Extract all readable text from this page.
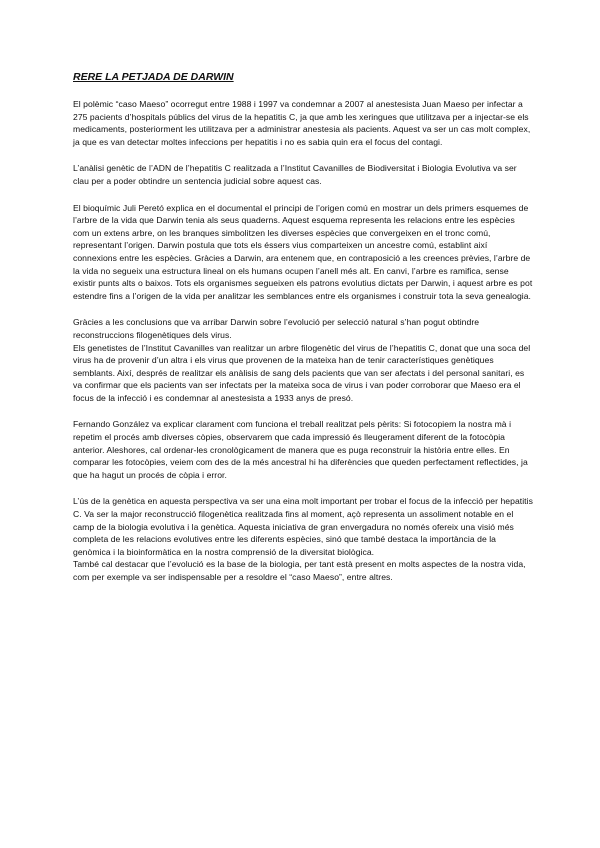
RERE LA PETJADA DE DARWIN

El polèmic “caso Maeso” ocorregut entre 1988 i 1997 va condemnar a 2007 al anestesista Juan Maeso per infectar a 275 pacients d’hospitals públics del virus de la hepatitis C, ja que amb les xeringues que utilitzava per a injectar-se els medicaments, posteriorment les utilitzava per a administrar anestesia als pacients. Aquest va ser un cas molt complex, ja que es van detectar moltes infeccions per hepatitis i no es sabia quin era el focus del contagi.

L’anàlisi genètic de l’ADN de l’hepatitis C realitzada a l’Institut Cavanilles de Biodiversitat i Biologia Evolutiva va ser clau per a poder obtindre un sentencia judicial sobre aquest cas.

El bioquímic Juli Peretó explica en el documental el principi de l’origen comú en mostrar un dels primers esquemes de l’arbre de la vida que Darwin tenia als seus quaderns. Aquest esquema representa les relacions entre les espècies com un extens arbre, on les branques simbolitzen les diverses espècies que convergeixen en el tronc comú, representant l’origen. Darwin postula que tots els éssers vius comparteixen un ancestre comú, establint així connexions entre les espècies. Gràcies a Darwin, ara entenem que, en contraposició a les creences prèvies, l’arbre de la vida no segueix una estructura lineal on els humans ocupen l’anell més alt. En canvi, l’arbre es ramifica, sense existir punts alts o baixos. Tots els organismes segueixen els patrons evolutius dictats per Darwin, i aquest arbre es pot estendre fins a l’origen de la vida per analitzar les semblances entre els organismes i construir tota la seva genealogia.

Gràcies a les conclusions que va arribar Darwin sobre l’evolució per selecció natural s’han pogut obtindre reconstruccions filogenètiques dels virus.

Els genetistes de l’Institut Cavanilles van realitzar un arbre filogenètic del virus de l’hepatitis C, donat que una soca del virus ha de provenir d’un altra i els virus que provenen de la mateixa han de tenir característiques genètiques semblants. Així, després de realitzar els anàlisis de sang dels pacients que van ser afectats i del personal sanitari, es va confirmar que els pacients van ser infectats per la mateixa soca de virus i van poder corroborar que Maeso era el focus de la infecció i es condemnar al anestesista a 1933 anys de presó.

Fernando González va explicar clarament com funciona el treball realitzat pels pèrits: Si fotocopiem la nostra mà i repetim el procés amb diverses còpies, observarem que cada impressió és lleugerament diferent de la fotocòpia anterior. Aleshores, cal ordenar-les cronològicament de manera que es puga reconstruir la història entre elles. En comparar les fotocòpies, veiem com des de la més ancestral hi ha diferències que queden perfectament reflectides, ja que ha hagut un procés de còpia i error.

L’ús de la genètica en aquesta perspectiva va ser una eina molt important per trobar el focus de la infecció per hepatitis C. Va ser la major reconstrucció filogenètica realitzada fins al moment, açò representa un assoliment notable en el camp de la biologia evolutiva i la genètica. Aquesta iniciativa de gran envergadura no només ofereix una visió més completa de les relacions evolutives entre les diferents espècies, sinó que també destaca la importància de la genòmica i la bioinformàtica en la nostra comprensió de la diversitat biològica.

També cal destacar que l’evolució es la base de la biologia, per tant està present en molts aspectes de la nostra vida, com per exemple va ser indispensable per a resoldre el “caso Maeso”, entre altres.
